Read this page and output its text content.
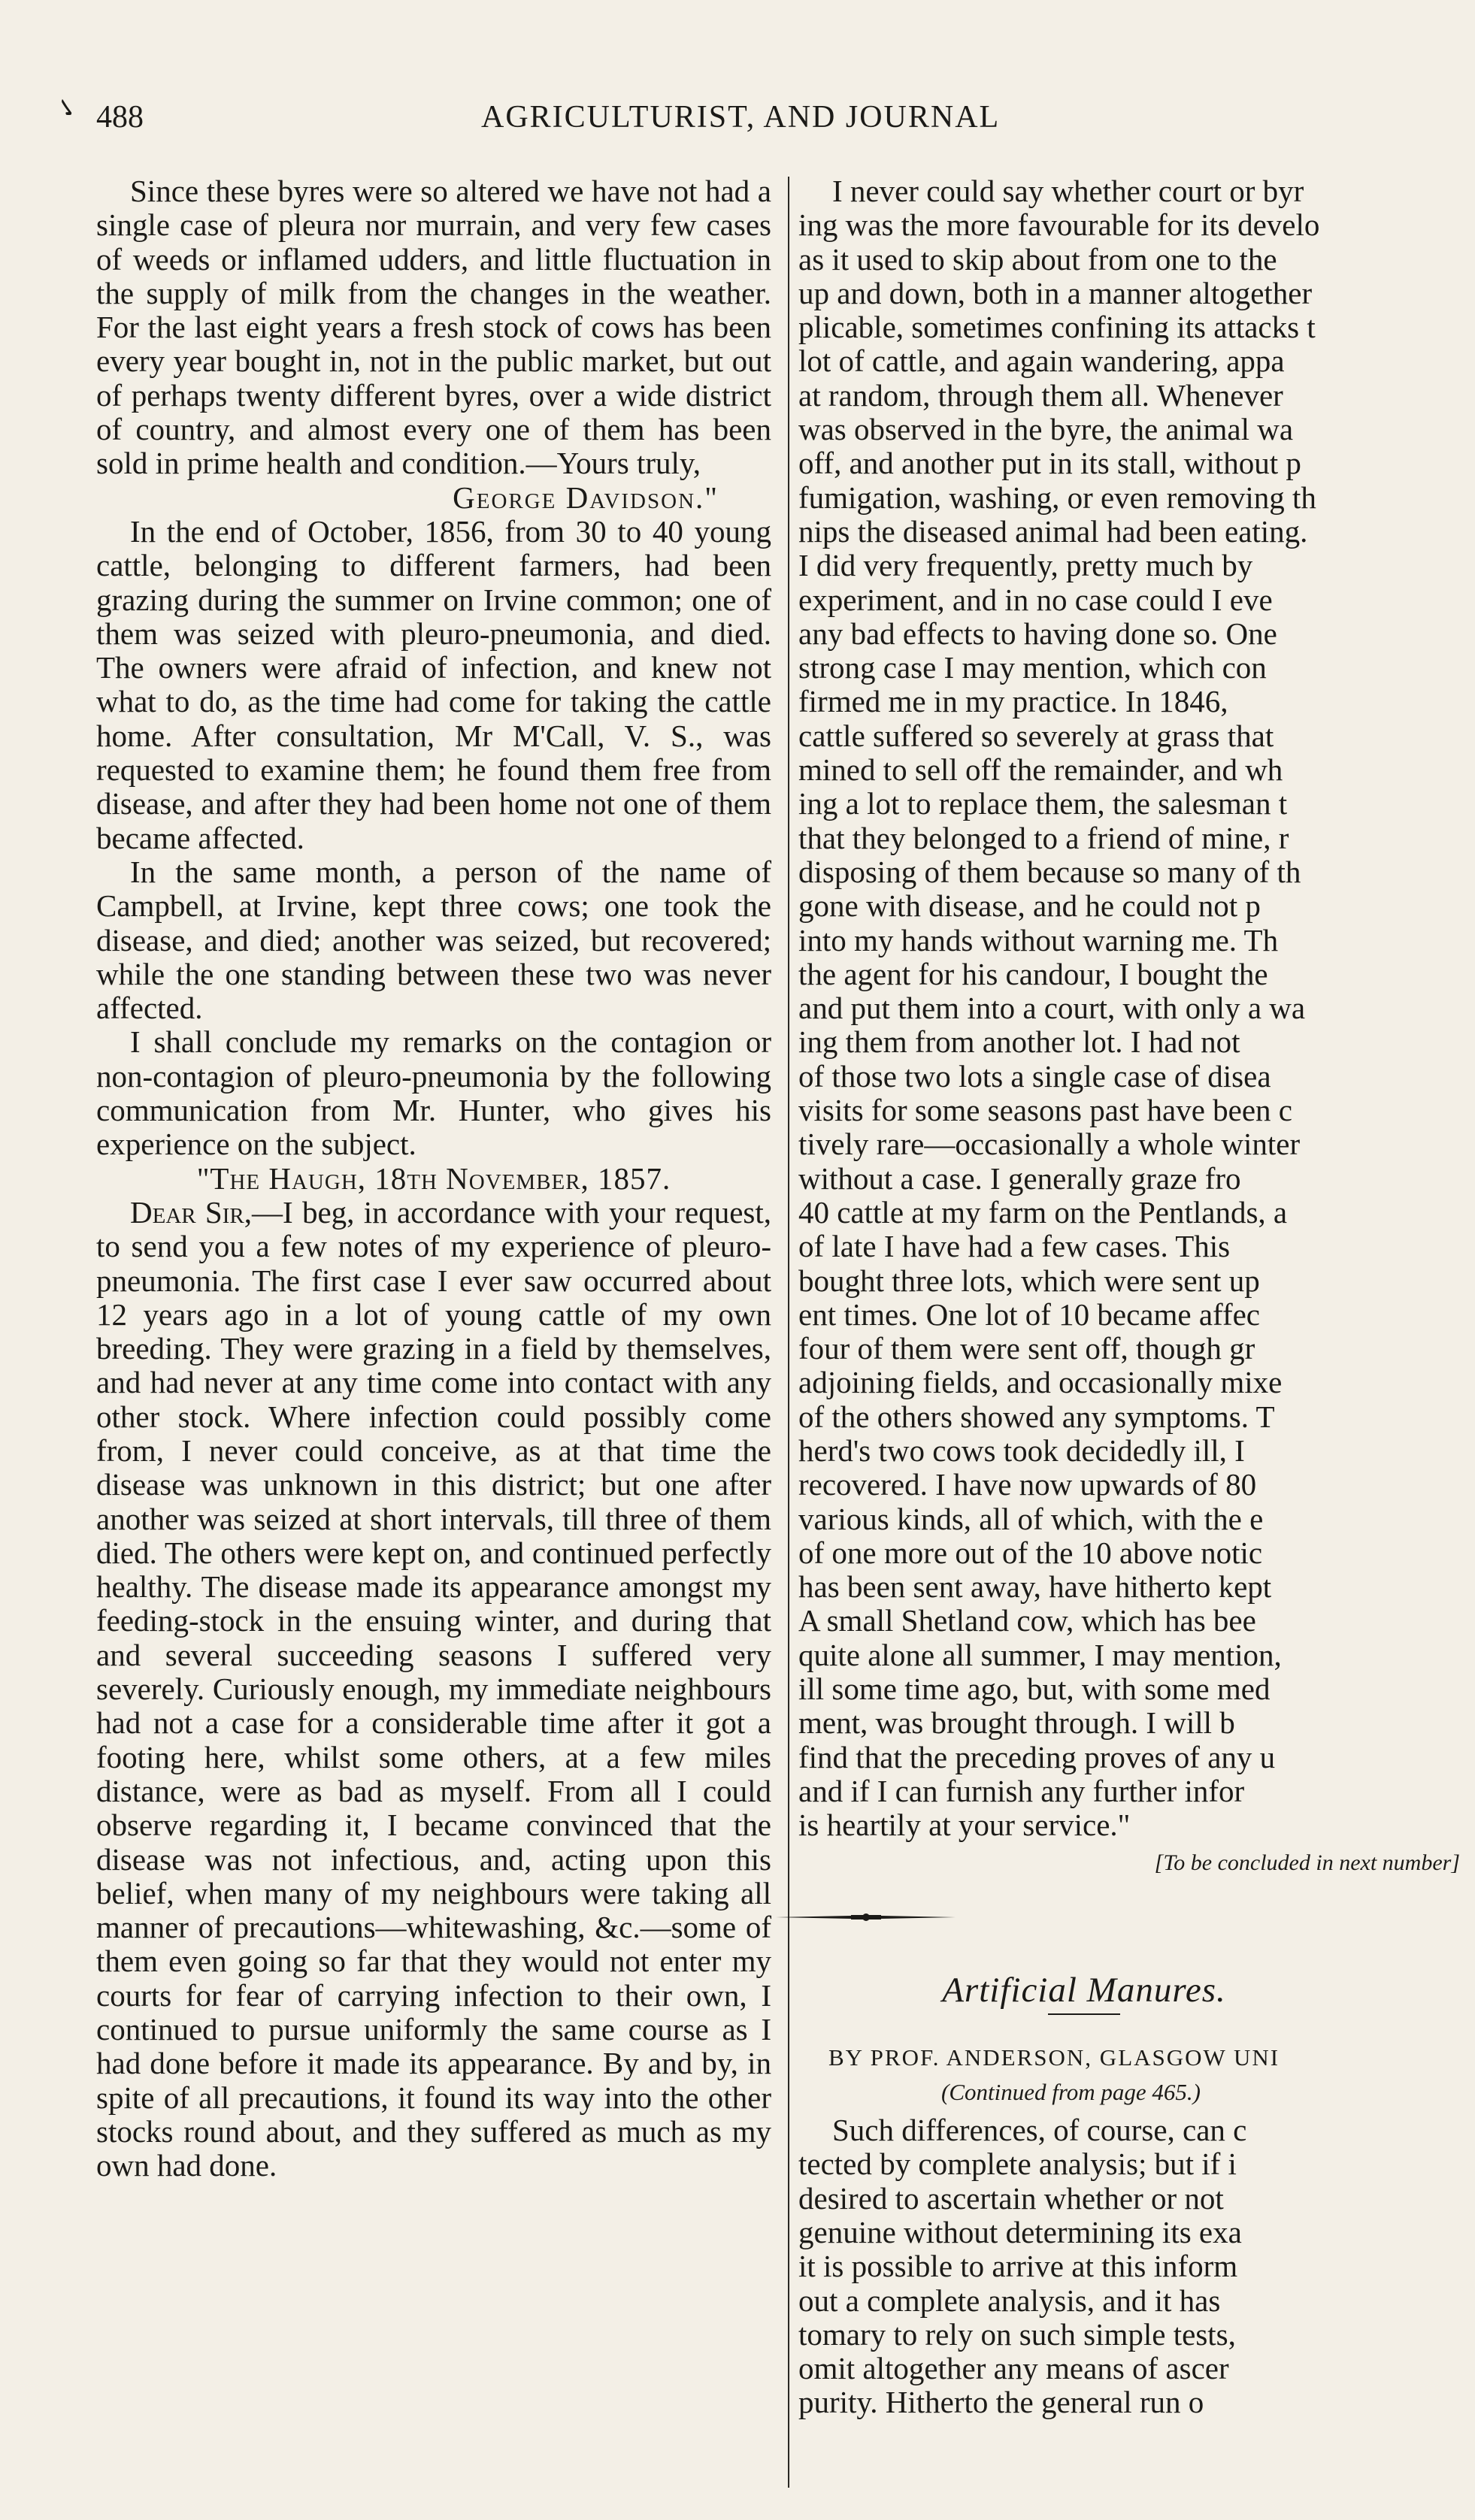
✓ 488	AGRICULTURIST, AND JOURNAL

Since these byres were so altered we have not had a single case of pleura nor murrain, and very few cases of weeds or inflamed udders, and little fluctuation in the supply of milk from the changes in the weather. For the last eight years a fresh stock of cows has been every year bought in, not in the public market, but out of perhaps twenty different byres, over a wide district of country, and almost every one of them has been sold in prime health and condition.—Yours truly,

George Davidson."

In the end of October, 1856, from 30 to 40 young cattle, belonging to different farmers, had been grazing during the summer on Irvine common; one of them was seized with pleuro-pneumonia, and died. The owners were afraid of infection, and knew not what to do, as the time had come for taking the cattle home. After consultation, Mr M'Call, V. S., was requested to examine them; he found them free from disease, and after they had been home not one of them became affected.

In the same month, a person of the name of Campbell, at Irvine, kept three cows; one took the disease, and died; another was seized, but recovered; while the one standing between these two was never affected.

I shall conclude my remarks on the contagion or non-contagion of pleuro-pneumonia by the following communication from Mr. Hunter, who gives his experience on the subject.

"The Haugh, 18th November, 1857.

Dear Sir,—I beg, in accordance with your request, to send you a few notes of my experience of pleuro-pneumonia. The first case I ever saw occurred about 12 years ago in a lot of young cattle of my own breeding. They were grazing in a field by themselves, and had never at any time come into contact with any other stock. Where infection could possibly come from, I never could conceive, as at that time the disease was unknown in this district; but one after another was seized at short intervals, till three of them died. The others were kept on, and continued perfectly healthy. The disease made its appearance amongst my feeding-stock in the ensuing winter, and during that and several succeeding seasons I suffered very severely. Curiously enough, my immediate neighbours had not a case for a considerable time after it got a footing here, whilst some others, at a few miles distance, were as bad as myself. From all I could observe regarding it, I became convinced that the disease was not infectious, and, acting upon this belief, when many of my neighbours were taking all manner of precautions—whitewashing, &c.—some of them even going so far that they would not enter my courts for fear of carrying infection to their own, I continued to pursue uniformly the same course as I had done before it made its appearance. By and by, in spite of all precautions, it found its way into the other stocks round about, and they suffered as much as my own had done.

I never could say whether court or byr
ing was the more favourable for its develo
as it used to skip about from one to the
up and down, both in a manner altogether
plicable, sometimes confining its attacks t
lot of cattle, and again wandering, appa
at random, through them all. Whenever
was observed in the byre, the animal wa
off, and another put in its stall, without p
fumigation, washing, or even removing th
nips the diseased animal had been eating.
I did very frequently, pretty much by
experiment, and in no case could I eve
any bad effects to having done so. One
strong case I may mention, which con
firmed me in my practice. In 1846,
cattle suffered so severely at grass that
mined to sell off the remainder, and wh
ing a lot to replace them, the salesman t
that they belonged to a friend of mine, r
disposing of them because so many of th
gone with disease, and he could not p
into my hands without warning me. Th
the agent for his candour, I bought the
and put them into a court, with only a wa
ing them from another lot. I had not
of those two lots a single case of disea
visits for some seasons past have been c
tively rare—occasionally a whole winter
without a case. I generally graze fro
40 cattle at my farm on the Pentlands, a
of late I have had a few cases. This
bought three lots, which were sent up
ent times. One lot of 10 became affec
four of them were sent off, though gr
adjoining fields, and occasionally mixe
of the others showed any symptoms. T
herd's two cows took decidedly ill, I
recovered. I have now upwards of 80
various kinds, all of which, with the e
of one more out of the 10 above notic
has been sent away, have hitherto kept
A small Shetland cow, which has bee
quite alone all summer, I may mention,
ill some time ago, but, with some med
ment, was brought through. I will b
find that the preceding proves of any u
and if I can furnish any further infor
is heartily at your service."
[To be concluded in next number]
Artificial Manures.
BY PROF. ANDERSON, GLASGOW UNI
(Continued from page 465.)
Such differences, of course, can c
tected by complete analysis; but if i
desired to ascertain whether or not
genuine without determining its exa
it is possible to arrive at this inform
out a complete analysis, and it has
tomary to rely on such simple tests,
omit altogether any means of ascer
purity. Hitherto the general run o
